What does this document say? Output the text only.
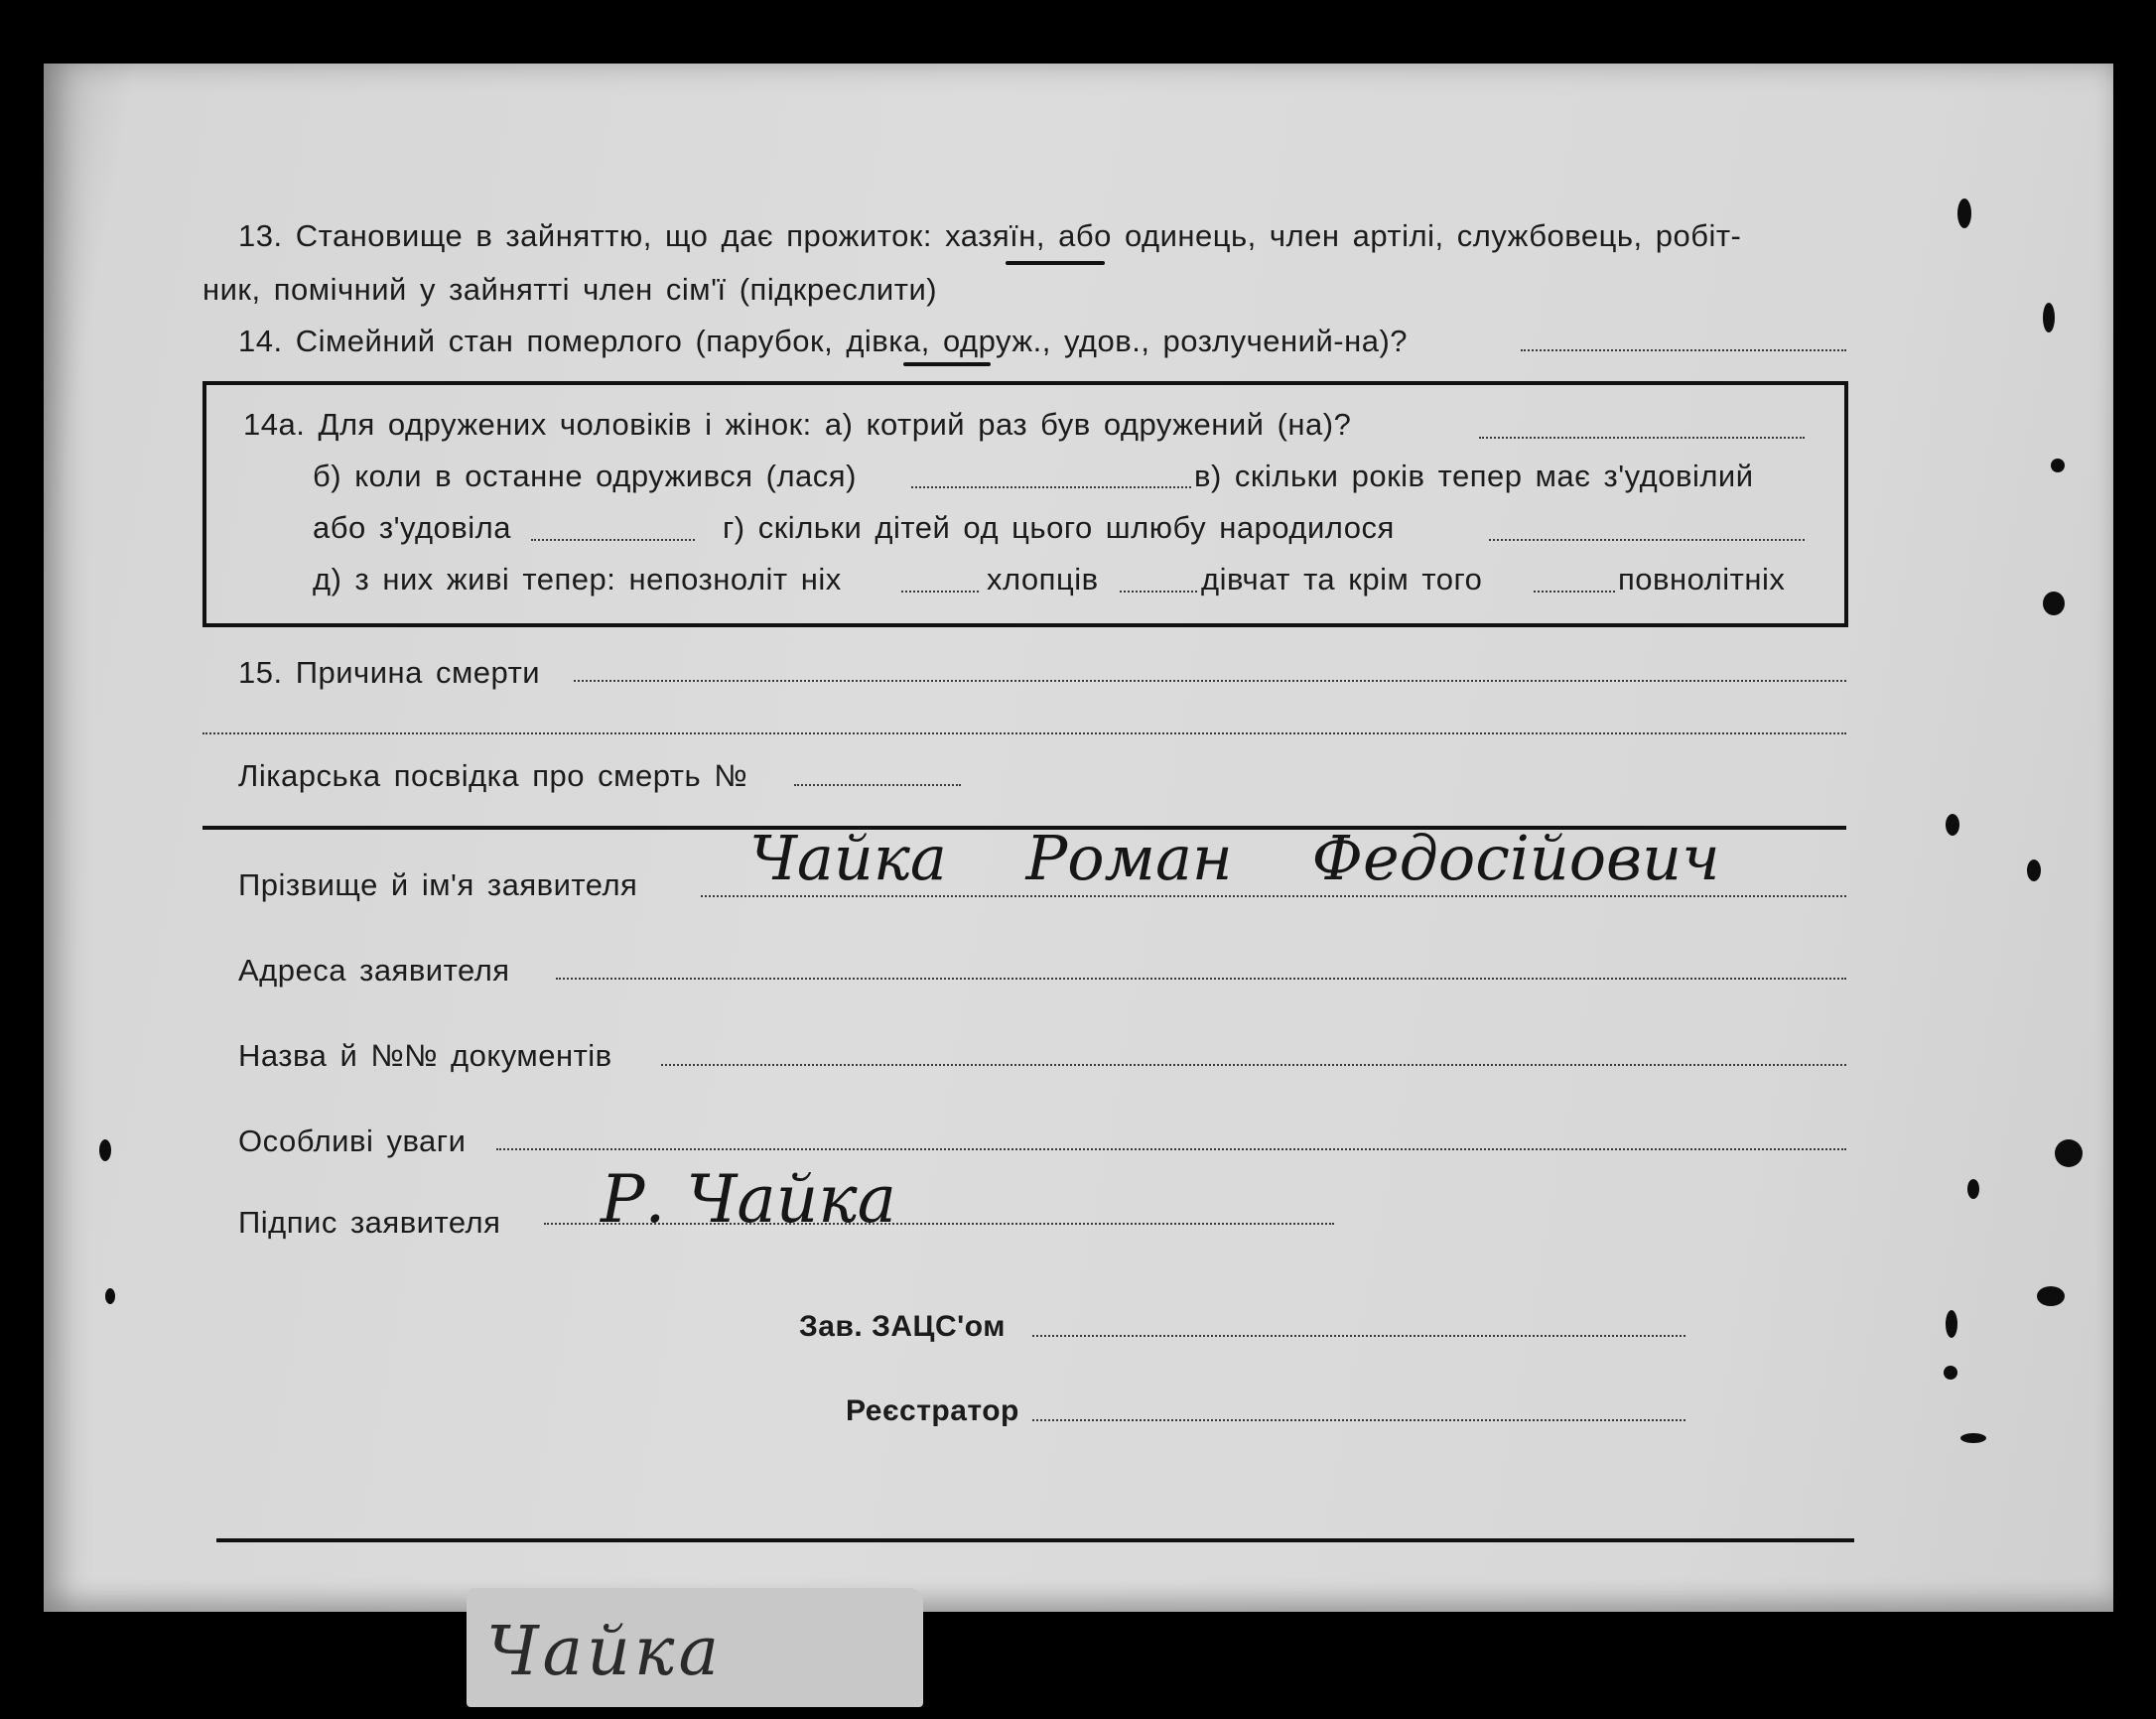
Чайка
13. Становище в зайняттю, що дає прожиток: хазяїн, або одинець, член артілі, службовець, робіт-
ник, помічний у зайнятті член сім'ї (підкреслити)
14. Сімейний стан померлого (парубок, дівка, одруж., удов., розлучений-на)?
14а. Для одружених чоловіків і жінок: а) котрий раз був одружений (на)?
б) коли в останне одружився (лася)	в) скільки років тепер має з'удовілий
або з'удовіла	г) скільки дітей од цього шлюбу народилося
д) з них живі тепер: непозноліт ніх	хлопців	дівчат та крім того	повнолітніх
15. Причина смерти
Лікарська посвідка про смерть №
Прізвище й ім'я заявителя Чайка Роман Федосійович
Адреса заявителя
Назва й №№ документів
Особливі уваги
Підпис заявителя Р. Чайка
Зав. ЗАЦС'ом
Реєстратор
